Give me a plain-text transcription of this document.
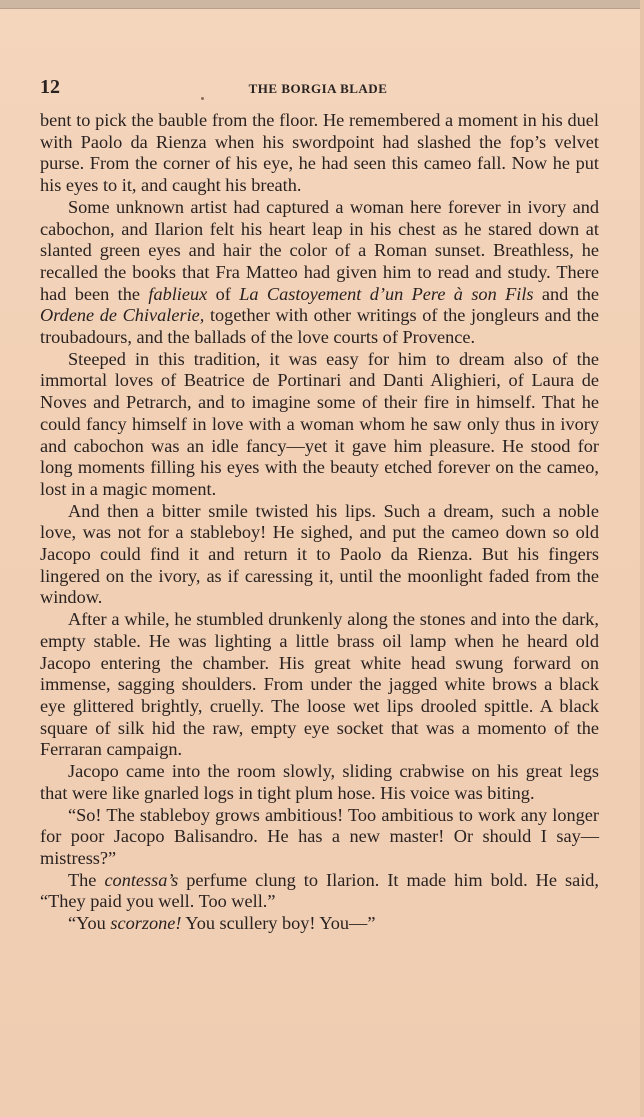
12	THE BORGIA BLADE

bent to pick the bauble from the floor. He remembered a moment in his duel with Paolo da Rienza when his swordpoint had slashed the fop’s velvet purse. From the corner of his eye, he had seen this cameo fall. Now he put his eyes to it, and caught his breath.

Some unknown artist had captured a woman here forever in ivory and cabochon, and Ilarion felt his heart leap in his chest as he stared down at slanted green eyes and hair the color of a Roman sunset. Breathless, he recalled the books that Fra Matteo had given him to read and study. There had been the fablieux of La Castoyement d’un Pere à son Fils and the Ordene de Chivalerie, together with other writings of the jongleurs and the troubadours, and the ballads of the love courts of Provence.

Steeped in this tradition, it was easy for him to dream also of the immortal loves of Beatrice de Portinari and Danti Alighieri, of Laura de Noves and Petrarch, and to imagine some of their fire in himself. That he could fancy himself in love with a woman whom he saw only thus in ivory and cabochon was an idle fancy—yet it gave him pleasure. He stood for long moments filling his eyes with the beauty etched forever on the cameo, lost in a magic moment.

And then a bitter smile twisted his lips. Such a dream, such a noble love, was not for a stableboy! He sighed, and put the cameo down so old Jacopo could find it and return it to Paolo da Rienza. But his fingers lingered on the ivory, as if caressing it, until the moonlight faded from the window.

After a while, he stumbled drunkenly along the stones and into the dark, empty stable. He was lighting a little brass oil lamp when he heard old Jacopo entering the chamber. His great white head swung forward on immense, sagging shoulders. From under the jagged white brows a black eye glittered brightly, cruelly. The loose wet lips drooled spittle. A black square of silk hid the raw, empty eye socket that was a momento of the Ferraran campaign.

Jacopo came into the room slowly, sliding crabwise on his great legs that were like gnarled logs in tight plum hose. His voice was biting.

“So! The stableboy grows ambitious! Too ambitious to work any longer for poor Jacopo Balisandro. He has a new master! Or should I say—mistress?”

The contessa’s perfume clung to Ilarion. It made him bold. He said, “They paid you well. Too well.”

“You scorzone! You scullery boy! You—”
